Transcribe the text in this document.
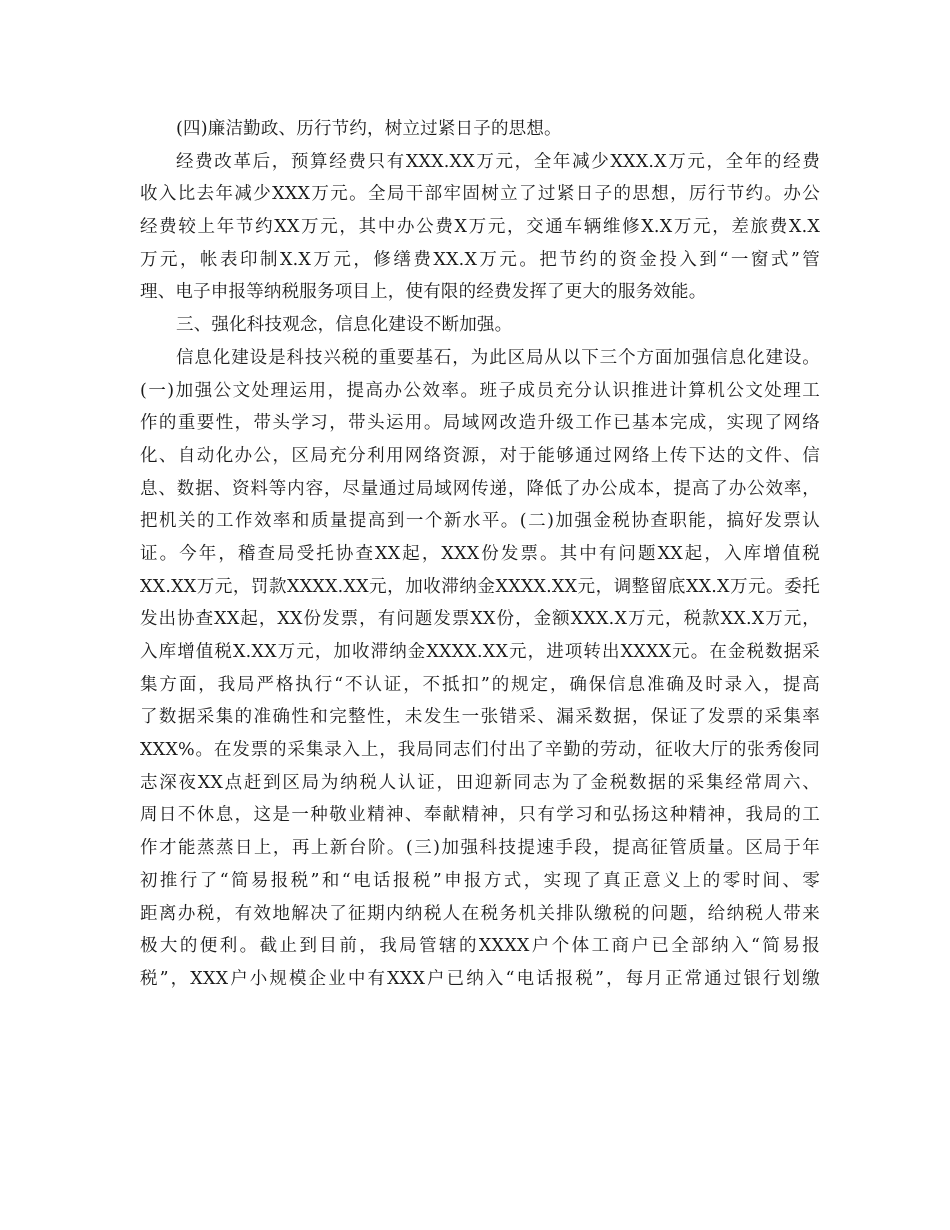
(四)廉洁勤政、历行节约，树立过紧日子的思想。
经费改革后，预算经费只有XXX.XX万元，全年减少XXX.X万元，全年的经费
收入比去年减少XXX万元。全局干部牢固树立了过紧日子的思想，厉行节约。办公
经费较上年节约XX万元，其中办公费X万元，交通车辆维修X.X万元，差旅费X.X
万元，帐表印制X.X万元，修缮费XX.X万元。把节约的资金投入到“一窗式”管
理、电子申报等纳税服务项目上，使有限的经费发挥了更大的服务效能。
三、强化科技观念，信息化建设不断加强。
信息化建设是科技兴税的重要基石，为此区局从以下三个方面加强信息化建设。
(一)加强公文处理运用，提高办公效率。班子成员充分认识推进计算机公文处理工
作的重要性，带头学习，带头运用。局域网改造升级工作已基本完成，实现了网络
化、自动化办公，区局充分利用网络资源，对于能够通过网络上传下达的文件、信
息、数据、资料等内容，尽量通过局域网传递，降低了办公成本，提高了办公效率，
把机关的工作效率和质量提高到一个新水平。(二)加强金税协查职能，搞好发票认
证。今年，稽查局受托协查XX起，XXX份发票。其中有问题XX起，入库增值税
XX.XX万元，罚款XXXX.XX元，加收滞纳金XXXX.XX元，调整留底XX.X万元。委托
发出协查XX起，XX份发票，有问题发票XX份，金额XXX.X万元，税款XX.X万元，
入库增值税X.XX万元，加收滞纳金XXXX.XX元，进项转出XXXX元。在金税数据采
集方面，我局严格执行“不认证，不抵扣”的规定，确保信息准确及时录入，提高
了数据采集的准确性和完整性，未发生一张错采、漏采数据，保证了发票的采集率
XXX%。在发票的采集录入上，我局同志们付出了辛勤的劳动，征收大厅的张秀俊同
志深夜XX点赶到区局为纳税人认证，田迎新同志为了金税数据的采集经常周六、
周日不休息，这是一种敬业精神、奉献精神，只有学习和弘扬这种精神，我局的工
作才能蒸蒸日上，再上新台阶。(三)加强科技提速手段，提高征管质量。区局于年
初推行了“简易报税”和“电话报税”申报方式，实现了真正意义上的零时间、零
距离办税，有效地解决了征期内纳税人在税务机关排队缴税的问题，给纳税人带来
极大的便利。截止到目前，我局管辖的XXXX户个体工商户已全部纳入“简易报
税”，XXX户小规模企业中有XXX户已纳入“电话报税”，每月正常通过银行划缴
